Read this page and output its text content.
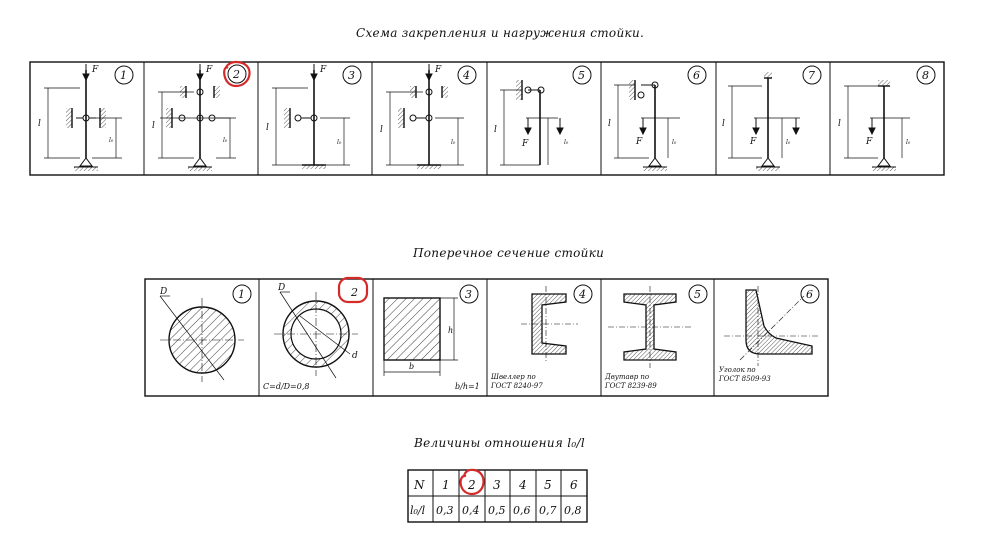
Схема закрепления и нагружения стойки.
Поперечное сечение стойки
Величины отношения l₀/l
F
l
l₀
1	F
l
l₀
2	F
l
l₀
3	F
l
l₀
4
F
l
l₀
5
F
l
l₀
6
F
l
l₀
7
F
l
l₀
8
D	1	D
d
C=d/D=0,8
2
h
b
b/h=1
3
Швеллер по
ГОСТ 8240-97
4
Двутавр по
ГОСТ 8239-89
5
Уголок по
ГОСТ 8509-93
6
N 1 2 3 4 5 6
l₀/l 0,3 0,4 0,5 0,6 0,7 0,8
